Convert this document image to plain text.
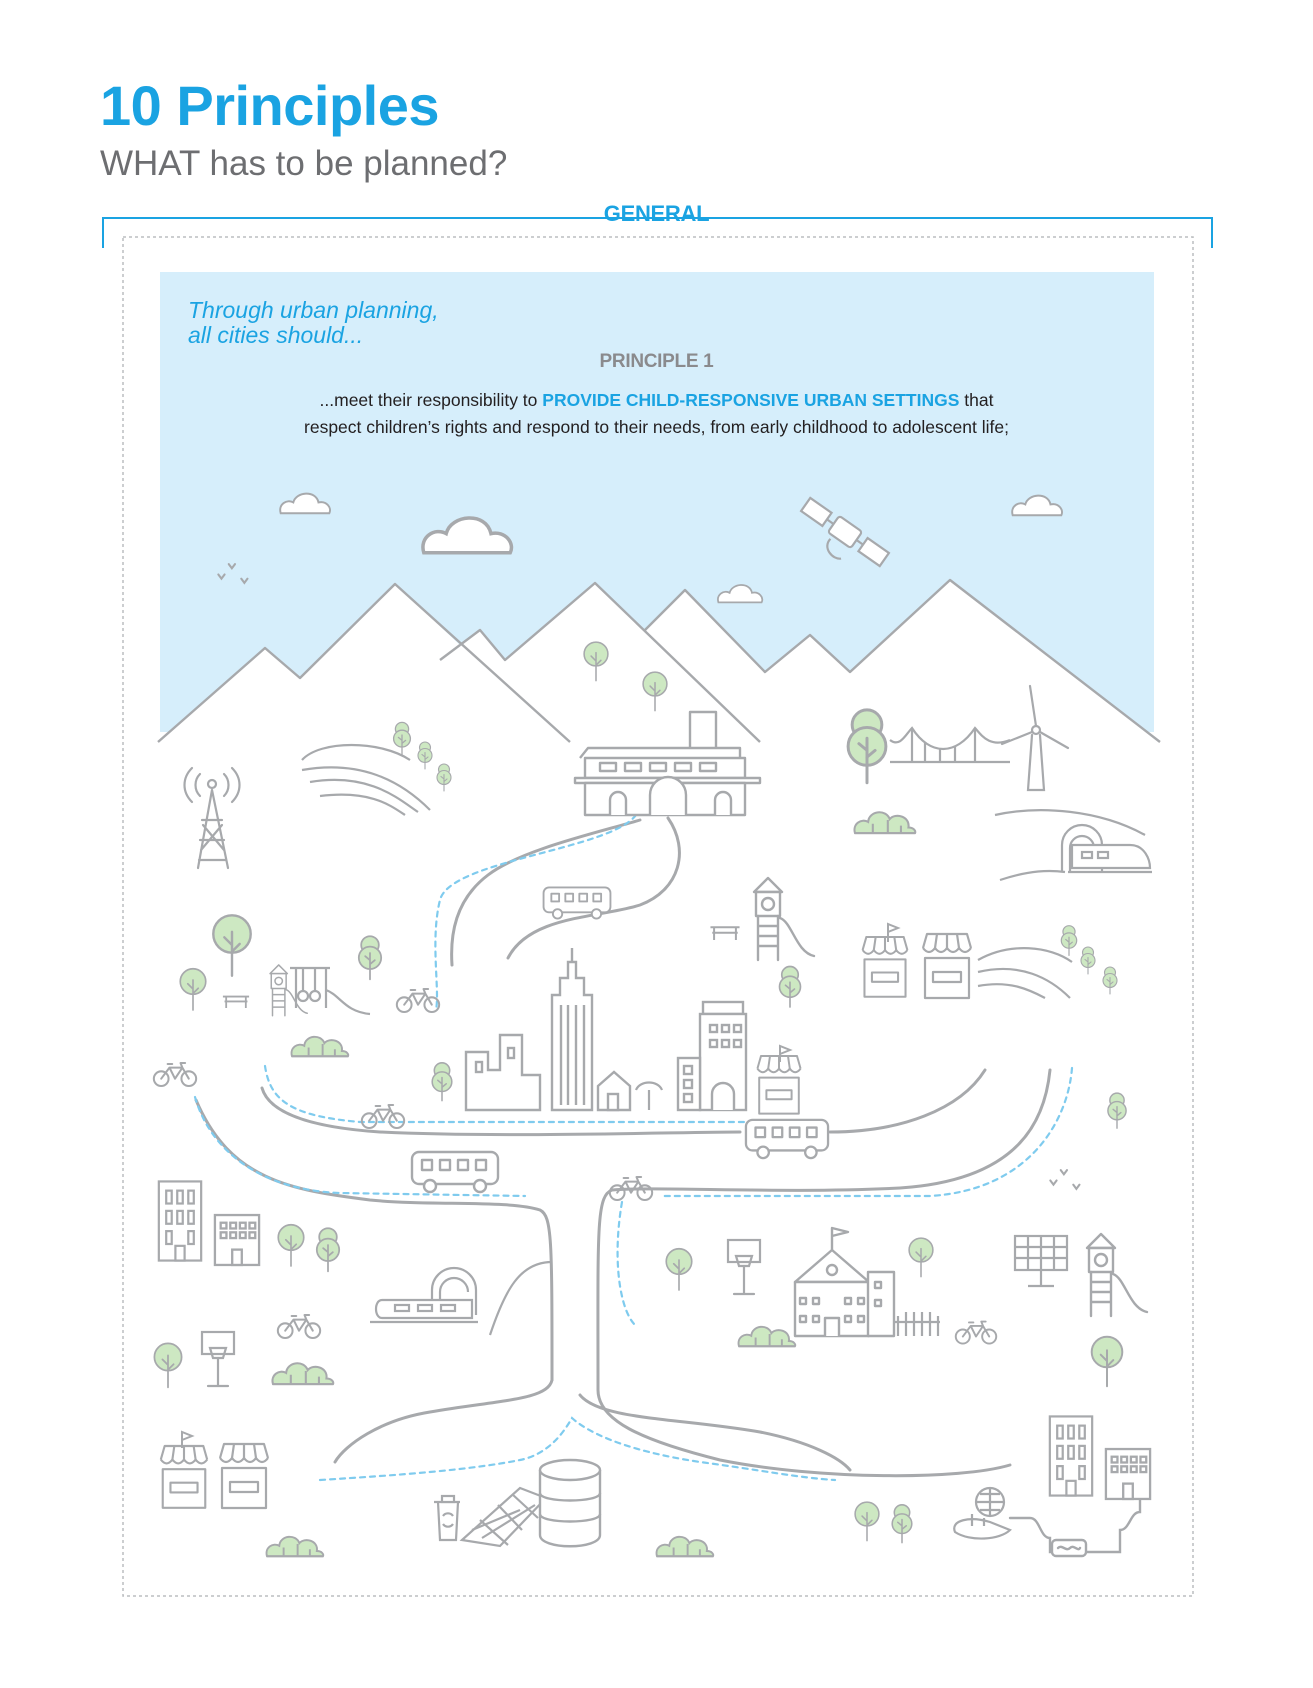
10 Principles
WHAT has to be planned?
GENERAL
Through urban planning,
all cities should...
PRINCIPLE 1
...meet their responsibility to PROVIDE CHILD-RESPONSIVE URBAN SETTINGS that
respect children’s rights and respond to their needs, from early childhood to adolescent life;
